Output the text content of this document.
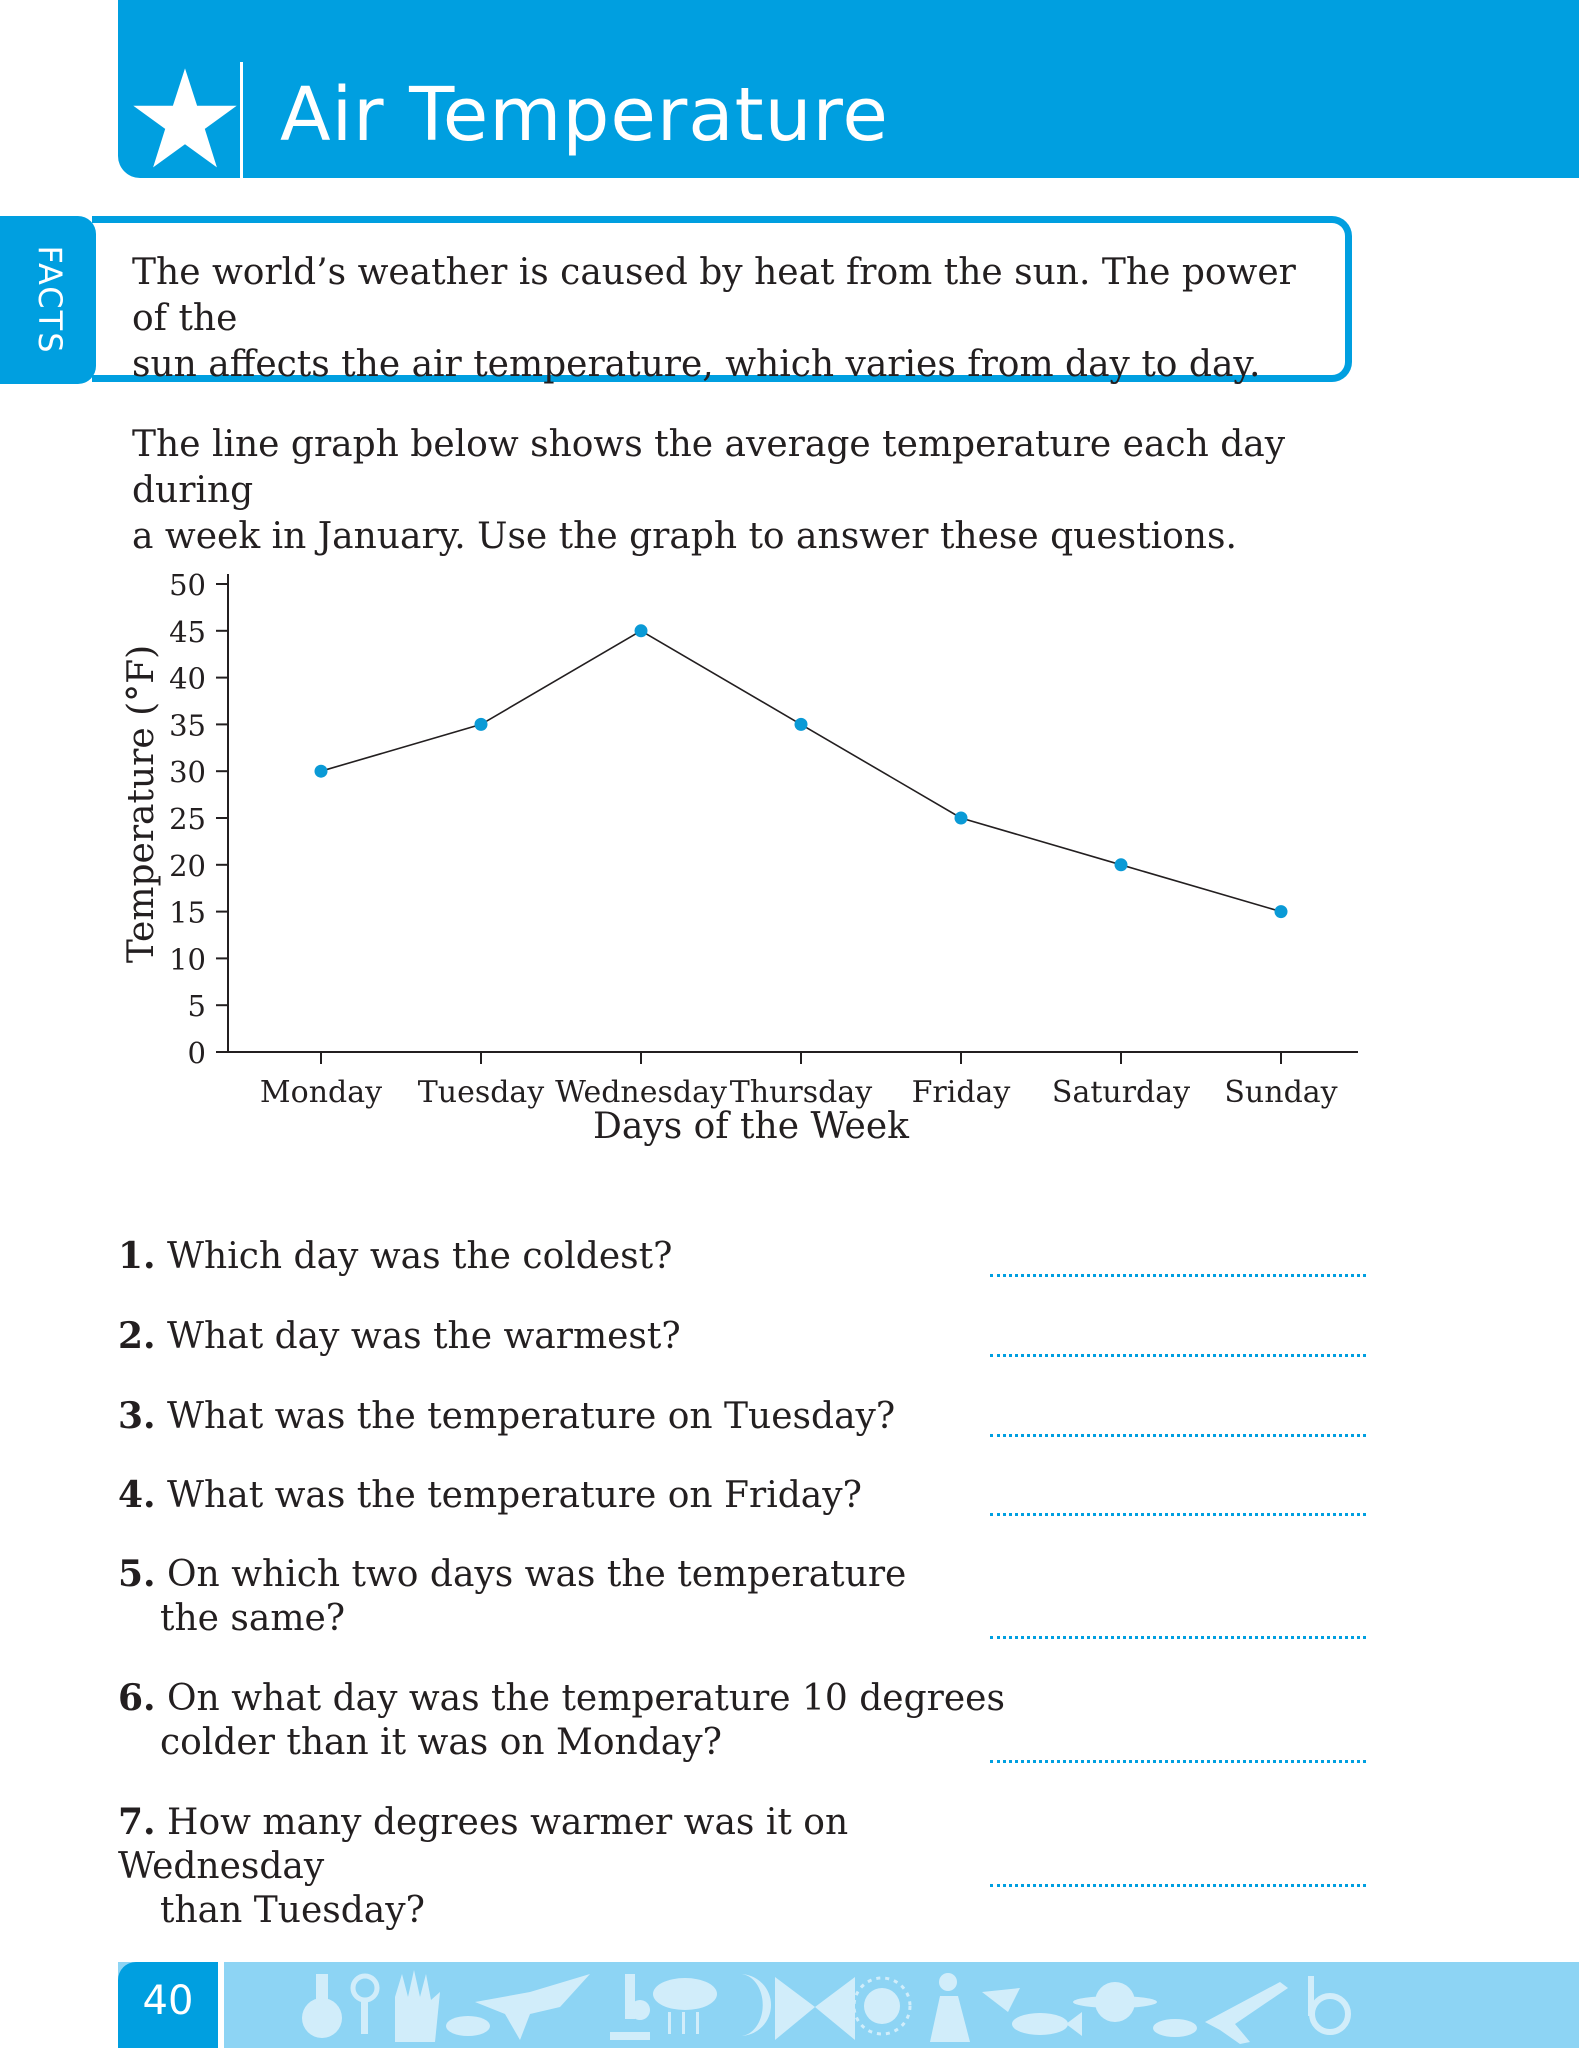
Air Temperature
FACTS The world’s weather is caused by heat from the sun. The power of the
sun affects the air temperature, which varies from day to day.

The line graph below shows the average temperature each day during
a week in January. Use the graph to answer these questions.

Temperature (°F)
0
5
10
15
20
25
30
35
40
45
50
Monday Tuesday Wednesday Thursday Friday Saturday Sunday
Days of the Week
1. Which day was the coldest?
2. What day was the warmest?
3. What was the temperature on Tuesday?
4. What was the temperature on Friday?
5. On which two days was the temperature
the same?
6. On what day was the temperature 10 degrees
colder than it was on Monday?
7. How many degrees warmer was it on Wednesday
than Tuesday?
40
